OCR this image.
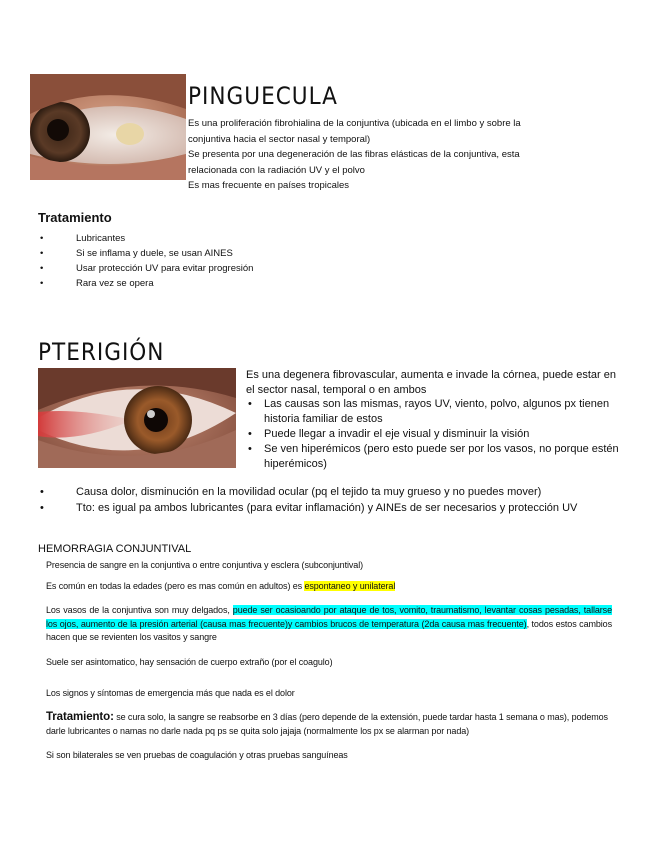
PINGUECULA
Es una proliferación fibrohialina de la conjuntiva (ubicada en el limbo y sobre la
conjuntiva hacia el sector nasal y temporal)
Se presenta por una degeneración de las fibras elásticas de la conjuntiva, esta
relacionada con la radiación UV y el polvo
Es mas frecuente en países tropicales
Tratamiento
• Lubricantes
• Si se inflama y duele, se usan AINES
• Usar protección UV para evitar progresión
• Rara vez se opera
PTERIGIÓN
Es una degenera fibrovascular, aumenta e invade la córnea, puede estar en el sector nasal, temporal o en ambos
• Las causas son las mismas, rayos UV, viento, polvo, algunos px tienen historia familiar de estos
• Puede llegar a invadir el eje visual y disminuir la visión
• Se ven hiperémicos (pero esto puede ser por los vasos, no porque estén hiperémicos)
• Causa dolor, disminución en la movilidad ocular (pq el tejido ta muy grueso y no puedes mover)
• Tto: es igual pa ambos lubricantes (para evitar inflamación) y AINEs de ser necesarios y protección UV
HEMORRAGIA CONJUNTIVAL
Presencia de sangre en la conjuntiva o entre conjuntiva y esclera (subconjuntival)

Es común en todas la edades (pero es mas común en adultos) es espontaneo y unilateral

Los vasos de la conjuntiva son muy delgados, puede ser ocasioando por ataque de tos, vomito, traumatismo, levantar cosas pesadas, tallarse los ojos, aumento de la presión arterial (causa mas frecuente)y cambios brucos de temperatura (2da causa mas frecuente), todos estos cambios hacen que se revienten los vasitos y sangre

Suele ser asintomatico, hay sensación de cuerpo extraño (por el coagulo)
Los signos y síntomas de emergencia más que nada es el dolor

Tratamiento: se cura solo, la sangre se reabsorbe en 3 días (pero depende de la extensión, puede tardar hasta 1 semana o mas), podemos darle lubricantes o namas no darle nada pq ps se quita solo jajaja (normalmente los px se alarman por nada)

Si son bilaterales se ven pruebas de coagulación y otras pruebas sanguíneas
